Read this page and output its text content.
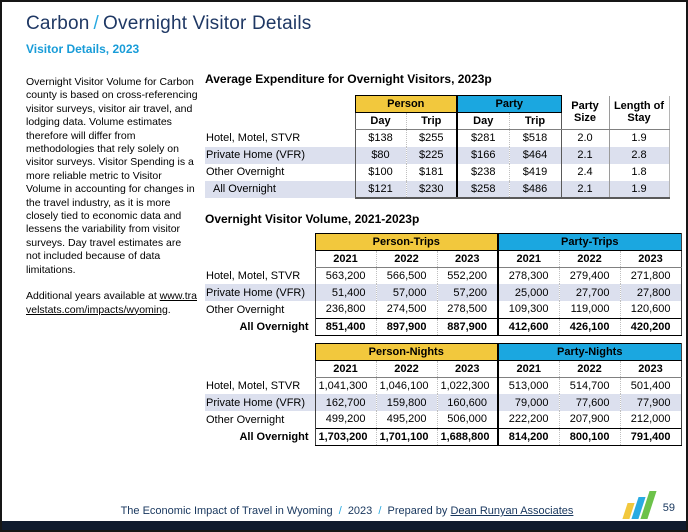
Carbon / Overnight Visitor Details
Visitor Details, 2023
Overnight Visitor Volume for Carbon county is based on cross-referencing visitor surveys, visitor air travel, and lodging data. Volume estimates therefore will differ from methodologies that rely solely on visitor surveys. Visitor Spending is a more reliable metric to Visitor Volume in accounting for changes in the travel industry, as it is more closely tied to economic data and lessens the variability from visitor surveys. Day travel estimates are not included because of data limitations.
Additional years available at www.travelstats.com/impacts/wyoming.
Average Expenditure for Overnight Visitors, 2023p
	Person		Party		Party Size	Length of Stay
	Day	Trip	Day	Trip		
Hotel, Motel, STVR	$138	$255	$281	$518	2.0	1.9
Private Home (VFR)	$80	$225	$166	$464	2.1	2.8
Other Overnight	$100	$181	$238	$419	2.4	1.8
All Overnight	$121	$230	$258	$486	2.1	1.9
Overnight Visitor Volume, 2021-2023p
	Person-Trips			Party-Trips		
	2021	2022	2023	2021	2022	2023
Hotel, Motel, STVR	563,200	566,500	552,200	278,300	279,400	271,800
Private Home (VFR)	51,400	57,000	57,200	25,000	27,700	27,800
Other Overnight	236,800	274,500	278,500	109,300	119,000	120,600
All Overnight	851,400	897,900	887,900	412,600	426,100	420,200
	Person-Nights			Party-Nights		
	2021	2022	2023	2021	2022	2023
Hotel, Motel, STVR	1,041,300	1,046,100	1,022,300	513,000	514,700	501,400
Private Home (VFR)	162,700	159,800	160,600	79,000	77,600	77,900
Other Overnight	499,200	495,200	506,000	222,200	207,900	212,000
All Overnight	1,703,200	1,701,100	1,688,800	814,200	800,100	791,400
The Economic Impact of Travel in Wyoming / 2023 / Prepared by Dean Runyan Associates	59
